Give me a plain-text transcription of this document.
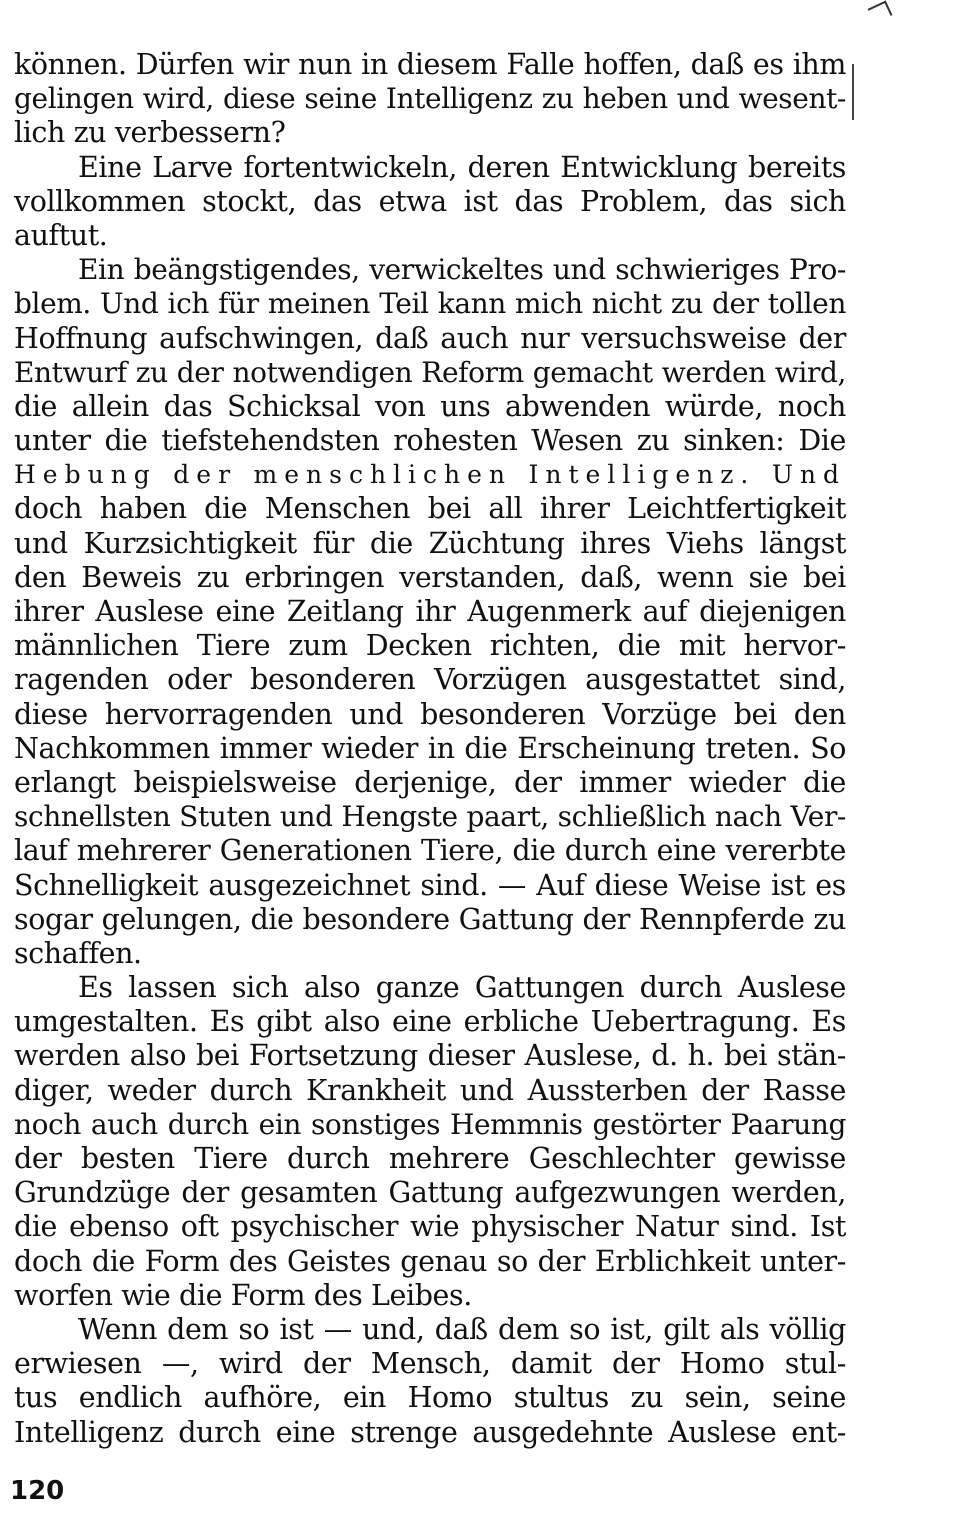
können. Dürfen wir nun in diesem Falle hoffen, daß es ihm
gelingen wird, diese seine Intelligenz zu heben und wesent-
lich zu verbessern?
Eine Larve fortentwickeln, deren Entwicklung bereits
vollkommen stockt, das etwa ist das Problem, das sich
auftut.
Ein beängstigendes, verwickeltes und schwieriges Pro-
blem. Und ich für meinen Teil kann mich nicht zu der tollen
Hoffnung aufschwingen, daß auch nur versuchsweise der
Entwurf zu der notwendigen Reform gemacht werden wird,
die allein das Schicksal von uns abwenden würde, noch
unter die tiefstehendsten rohesten Wesen zu sinken: Die
Hebung der menschlichen Intelligenz. Und
doch haben die Menschen bei all ihrer Leichtfertigkeit
und Kurzsichtigkeit für die Züchtung ihres Viehs längst
den Beweis zu erbringen verstanden, daß, wenn sie bei
ihrer Auslese eine Zeitlang ihr Augenmerk auf diejenigen
männlichen Tiere zum Decken richten, die mit hervor-
ragenden oder besonderen Vorzügen ausgestattet sind,
diese hervorragenden und besonderen Vorzüge bei den
Nachkommen immer wieder in die Erscheinung treten. So
erlangt beispielsweise derjenige, der immer wieder die
schnellsten Stuten und Hengste paart, schließlich nach Ver-
lauf mehrerer Generationen Tiere, die durch eine vererbte
Schnelligkeit ausgezeichnet sind. — Auf diese Weise ist es
sogar gelungen, die besondere Gattung der Rennpferde zu
schaffen.
Es lassen sich also ganze Gattungen durch Auslese
umgestalten. Es gibt also eine erbliche Uebertragung. Es
werden also bei Fortsetzung dieser Auslese, d. h. bei stän-
diger, weder durch Krankheit und Aussterben der Rasse
noch auch durch ein sonstiges Hemmnis gestörter Paarung
der besten Tiere durch mehrere Geschlechter gewisse
Grundzüge der gesamten Gattung aufgezwungen werden,
die ebenso oft psychischer wie physischer Natur sind. Ist
doch die Form des Geistes genau so der Erblichkeit unter-
worfen wie die Form des Leibes.
Wenn dem so ist — und, daß dem so ist, gilt als völlig
erwiesen —, wird der Mensch, damit der Homo stul-
tus endlich aufhöre, ein Homo stultus zu sein, seine
Intelligenz durch eine strenge ausgedehnte Auslese ent-
120
